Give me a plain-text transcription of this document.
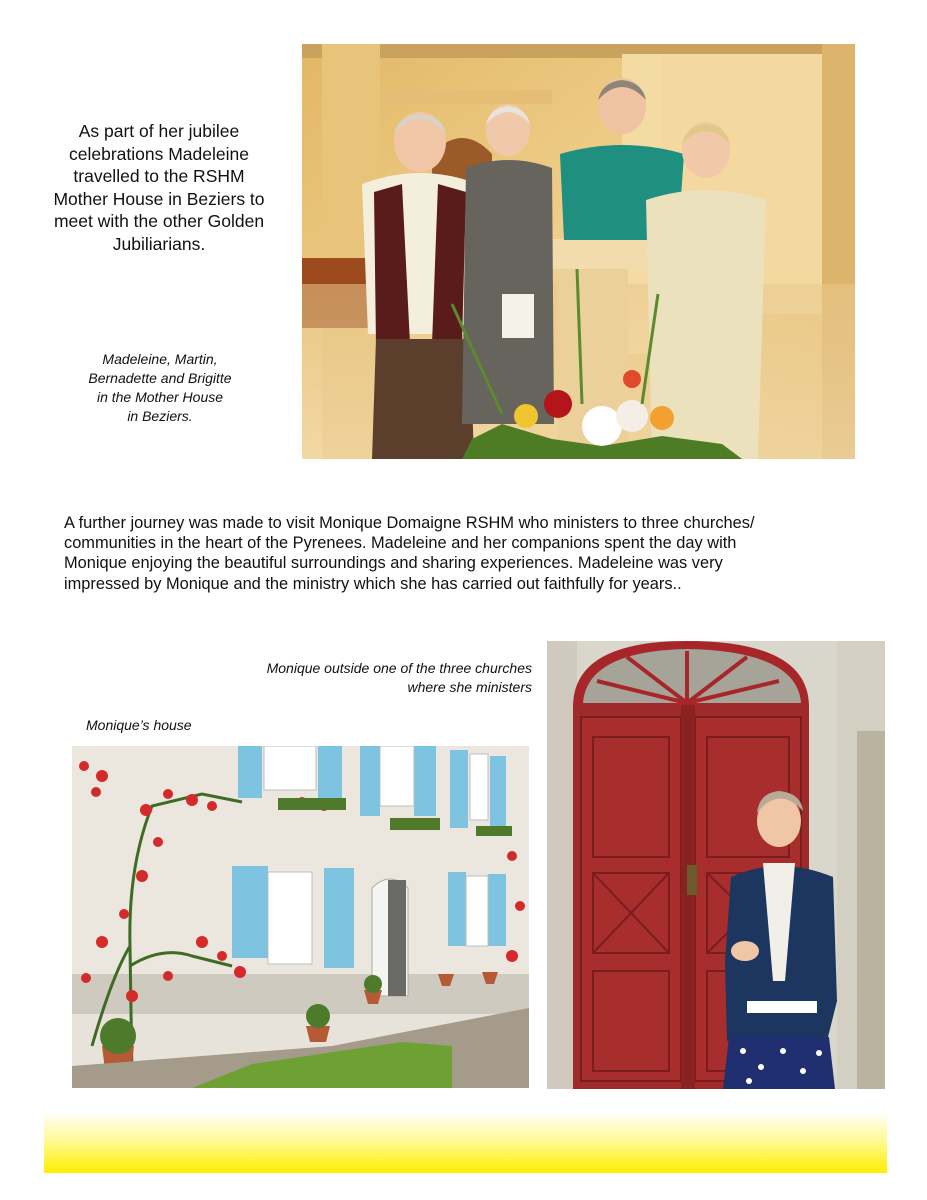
As part of her jubilee
celebrations Madeleine
travelled to the RSHM
Mother House in Beziers to
meet with the other Golden
Jubiliarians.
Madeleine, Martin,
Bernadette and Brigitte
in the Mother House
in Beziers.
A further journey was made to visit Monique Domaigne RSHM who ministers to three churches/
communities in the heart of the Pyrenees. Madeleine and her companions spent the day with
Monique enjoying the beautiful surroundings and sharing experiences. Madeleine was very
impressed by Monique and the ministry which she has carried out faithfully for years..
Monique outside one of the three churches
where she ministers
Monique’s house
